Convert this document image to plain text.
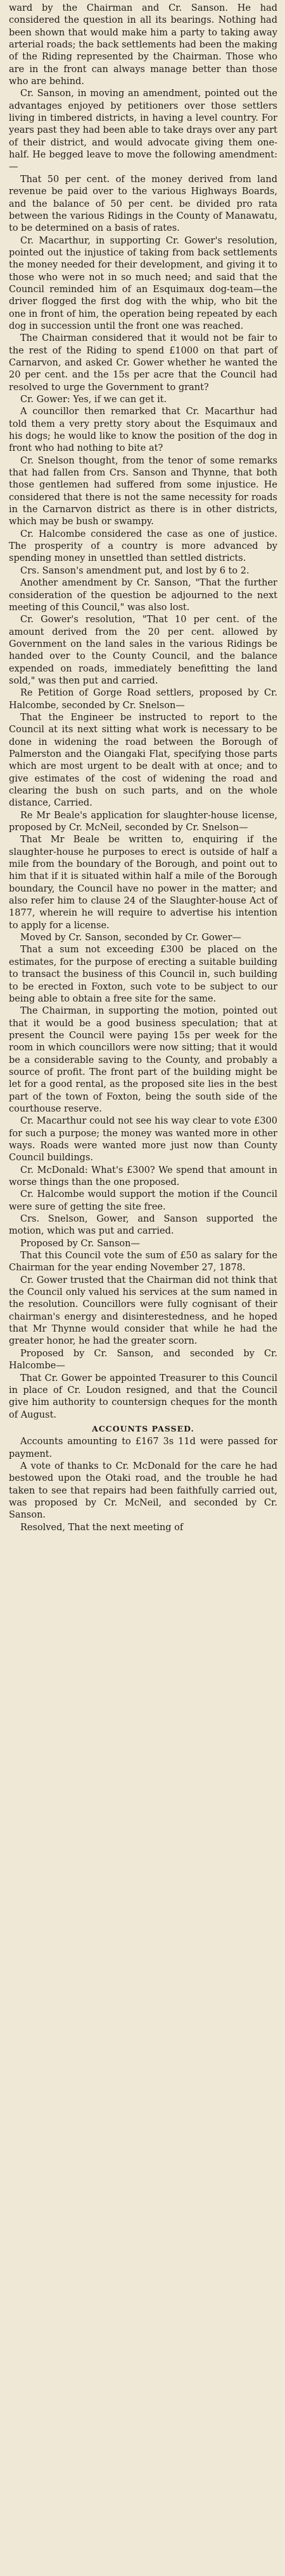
ward by the Chairman and Cr. Sanson. He had considered the question in all its bearings. Nothing had been shown that would make him a party to taking away arterial roads; the back settlements had been the making of the Riding represented by the Chairman. Those who are in the front can always manage better than those who are behind.

Cr. Sanson, in moving an amendment, pointed out the advantages enjoyed by petitioners over those settlers living in timbered districts, in having a level country. For years past they had been able to take drays over any part of their district, and would advocate giving them one-half. He begged leave to move the following amendment:—

That 50 per cent. of the money derived from land revenue be paid over to the various Highways Boards, and the balance of 50 per cent. be divided pro rata between the various Ridings in the County of Manawatu, to be determined on a basis of rates.

Cr. Macarthur, in supporting Cr. Gower's resolution, pointed out the injustice of taking from back settlements the money needed for their development, and giving it to those who were not in so much need; and said that the Council reminded him of an Esquimaux dog-team—the driver flogged the first dog with the whip, who bit the one in front of him, the operation being repeated by each dog in succession until the front one was reached.

The Chairman considered that it would not be fair to the rest of the Riding to spend £1000 on that part of Carnarvon, and asked Cr. Gower whether he wanted the 20 per cent. and the 15s per acre that the Council had resolved to urge the Government to grant?

Cr. Gower: Yes, if we can get it.

A councillor then remarked that Cr. Macarthur had told them a very pretty story about the Esquimaux and his dogs; he would like to know the position of the dog in front who had nothing to bite at?

Cr. Snelson thought, from the tenor of some remarks that had fallen from Crs. Sanson and Thynne, that both those gentlemen had suffered from some injustice. He considered that there is not the same necessity for roads in the Carnarvon district as there is in other districts, which may be bush or swampy.

Cr. Halcombe considered the case as one of justice. The prosperity of a country is more advanced by spending money in unsettled than settled districts.

Crs. Sanson's amendment put, and lost by 6 to 2.

Another amendment by Cr. Sanson, "That the further consideration of the question be adjourned to the next meeting of this Council," was also lost.

Cr. Gower's resolution, "That 10 per cent. of the amount derived from the 20 per cent. allowed by Government on the land sales in the various Ridings be handed over to the County Council, and the balance expended on roads, immediately benefitting the land sold," was then put and carried.

Re Petition of Gorge Road settlers, proposed by Cr. Halcombe, seconded by Cr. Snelson—

That the Engineer be instructed to report to the Council at its next sitting what work is necessary to be done in widening the road between the Borough of Palmerston and the Oiangaki Flat, specifying those parts which are most urgent to be dealt with at once; and to give estimates of the cost of widening the road and clearing the bush on such parts, and on the whole distance, Carried.

Re Mr Beale's application for slaughter-house license, proposed by Cr. McNeil, seconded by Cr. Snelson—

That Mr Beale be written to, enquiring if the slaughter-house he purposes to erect is outside of half a mile from the boundary of the Borough, and point out to him that if it is situated within half a mile of the Borough boundary, the Council have no power in the matter; and also refer him to clause 24 of the Slaughter-house Act of 1877, wherein he will require to advertise his intention to apply for a license.

Moved by Cr. Sanson, seconded by Cr. Gower—

That a sum not exceeding £300 be placed on the estimates, for the purpose of erecting a suitable building to transact the business of this Council in, such building to be erected in Foxton, such vote to be subject to our being able to obtain a free site for the same.

The Chairman, in supporting the motion, pointed out that it would be a good business speculation; that at present the Council were paying 15s per week for the room in which councillors were now sitting; that it would be a considerable saving to the County, and probably a source of profit. The front part of the building might be let for a good rental, as the proposed site lies in the best part of the town of Foxton, being the south side of the courthouse reserve.

Cr. Macarthur could not see his way clear to vote £300 for such a purpose; the money was wanted more in other ways. Roads were wanted more just now than County Council buildings.

Cr. McDonald: What's £300? We spend that amount in worse things than the one proposed.

Cr. Halcombe would support the motion if the Council were sure of getting the site free.

Crs. Snelson, Gower, and Sanson supported the motion, which was put and carried.

Proposed by Cr. Sanson—

That this Council vote the sum of £50 as salary for the Chairman for the year ending November 27, 1878.

Cr. Gower trusted that the Chairman did not think that the Council only valued his services at the sum named in the resolution. Councillors were fully cognisant of their chairman's energy and disinterestedness, and he hoped that Mr Thynne would consider that while he had the greater honor, he had the greater scorn.

Proposed by Cr. Sanson, and seconded by Cr. Halcombe—

That Cr. Gower be appointed Treasurer to this Council in place of Cr. Loudon resigned, and that the Council give him authority to countersign cheques for the month of August.

ACCOUNTS PASSED.

Accounts amounting to £167 3s 11d were passed for payment.

A vote of thanks to Cr. McDonald for the care he had bestowed upon the Otaki road, and the trouble he had taken to see that repairs had been faithfully carried out, was proposed by Cr. McNeil, and seconded by Cr. Sanson.

Resolved, That the next meeting of
